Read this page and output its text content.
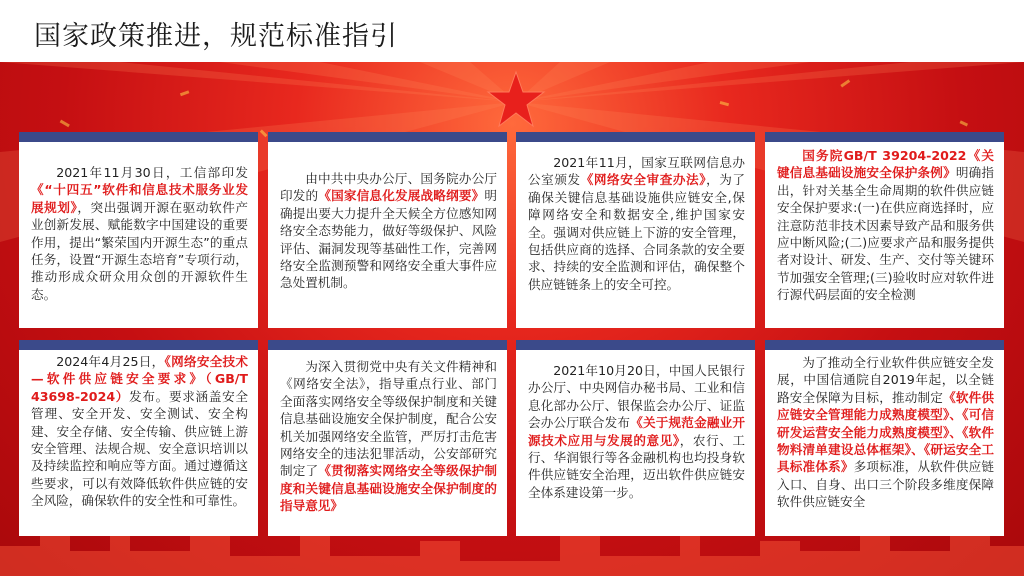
国家政策推进，规范标准指引
2021年11月30日，工信部印发《“十四五”软件和信息技术服务业发展规划》，突出强调开源在驱动软件产业创新发展、赋能数字中国建设的重要作用，提出“繁荣国内开源生态”的重点任务，设置“开源生态培育”专项行动，推动形成众研众用众创的开源软件生态。
由中共中央办公厅、国务院办公厅印发的《国家信息化发展战略纲要》明确提出要大力提升全天候全方位感知网络安全态势能力，做好等级保护、风险评估、漏洞发现等基础性工作，完善网络安全监测预警和网络安全重大事件应急处置机制。
2021年11月，国家互联网信息办公室颁发《网络安全审查办法》，为了确保关键信息基础设施供应链安全,保障网络安全和数据安全,维护国家安全。强调对供应链上下游的安全管理，包括供应商的选择、合同条款的安全要求、持续的安全监测和评估，确保整个供应链链条上的安全可控。
国务院GB/T 39204-2022《关键信息基础设施安全保护条例》明确指出，针对关基全生命周期的软件供应链安全保护要求:(一)在供应商选择时，应注意防范非技术因素导致产品和服务供应中断风险;(二)应要求产品和服务提供者对设计、研发、生产、交付等关键环节加强安全管理;(三)验收时应对软件进行源代码层面的安全检测
2024年4月25日，《网络安全技术—软件供应链安全要求》（GB/T 43698-2024）发布。要求涵盖安全管理、安全开发、安全测试、安全构建、安全存储、安全传输、供应链上游安全管理、法规合规、安全意识培训以及持续监控和响应等方面。通过遵循这些要求，可以有效降低软件供应链的安全风险，确保软件的安全性和可靠性。
为深入贯彻党中央有关文件精神和《网络安全法》，指导重点行业、部门全面落实网络安全等级保护制度和关键信息基础设施安全保护制度，配合公安机关加强网络安全监管，严厉打击危害网络安全的违法犯罪活动，公安部研究制定了《贯彻落实网络安全等级保护制度和关键信息基础设施安全保护制度的指导意见》
2021年10月20日，中国人民银行办公厅、中央网信办秘书局、工业和信息化部办公厅、银保监会办公厅、证监会办公厅联合发布《关于规范金融业开源技术应用与发展的意见》，农行、工行、华润银行等各金融机构也均投身软件供应链安全治理，迈出软件供应链安全体系建设第一步。
为了推动全行业软件供应链安全发展，中国信通院自2019年起，以全链路安全保障为目标，推动制定《软件供应链安全管理能力成熟度模型》、《可信研发运营安全能力成熟度模型》、《软件物料清单建设总体框架》、《研运安全工具标准体系》多项标准，从软件供应链入口、自身、出口三个阶段多维度保障软件供应链安全
